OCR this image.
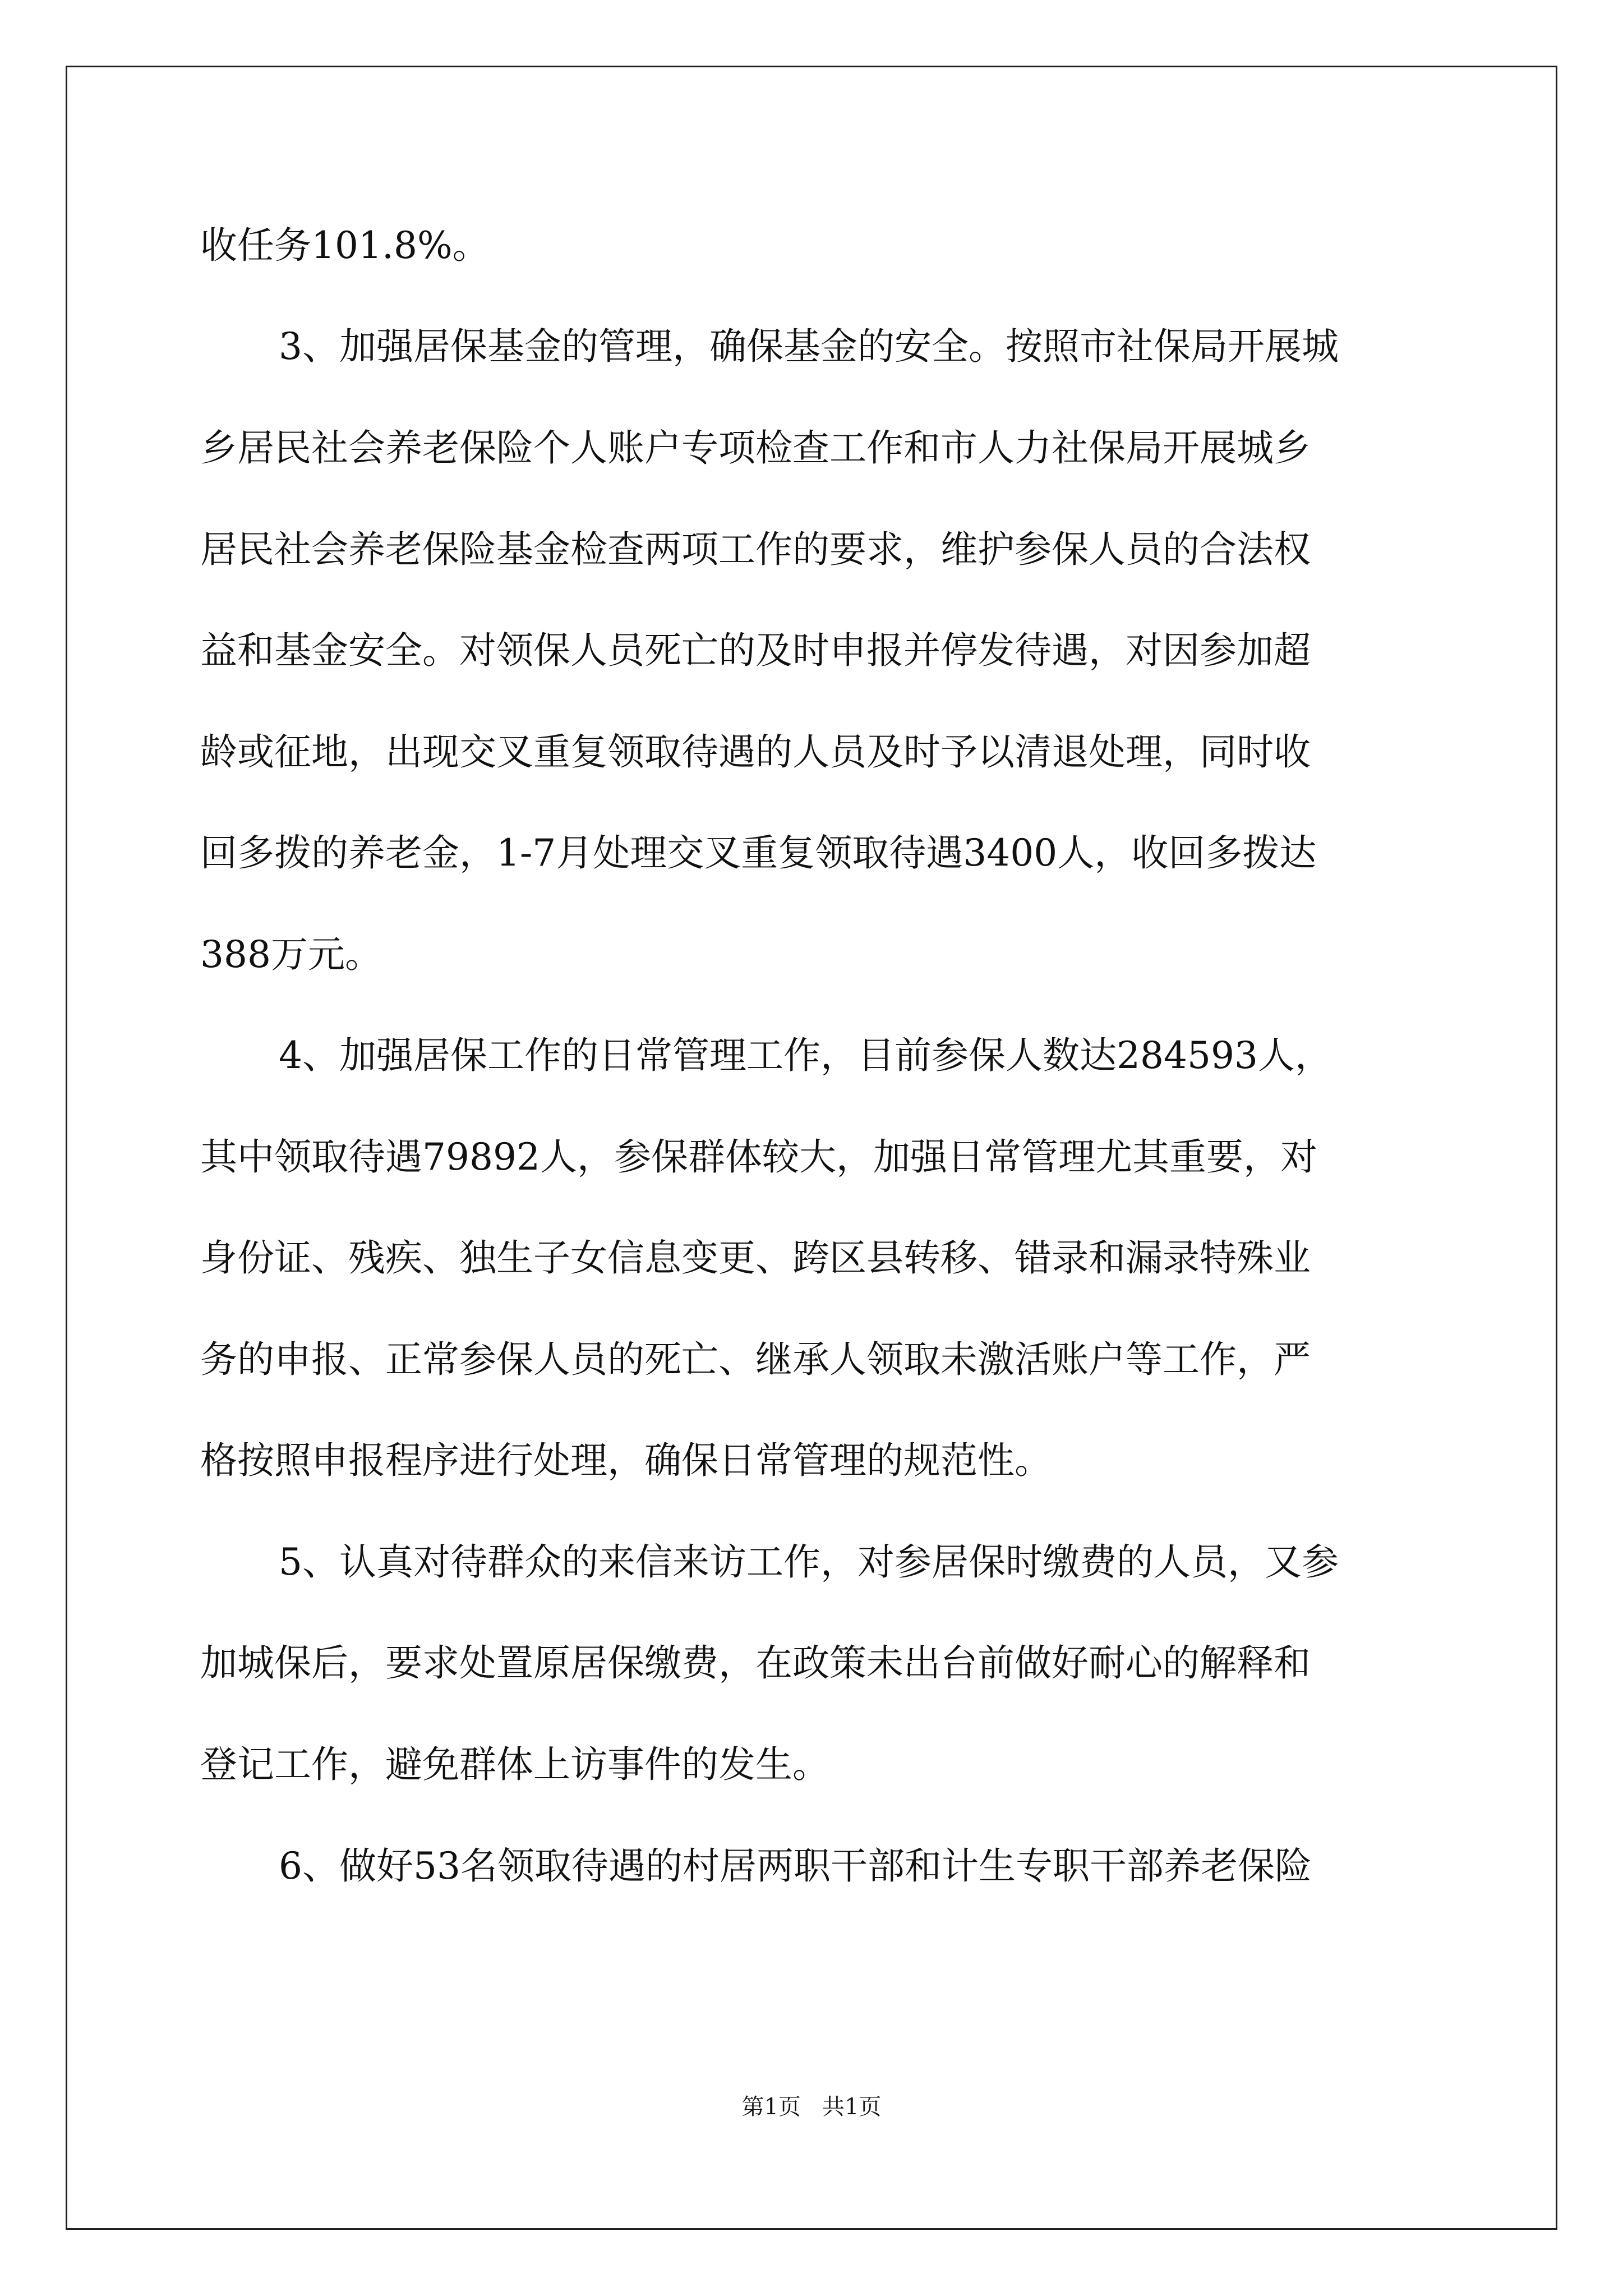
收任务101.8%。

3、加强居保基金的管理，确保基金的安全。按照市社保局开展城

乡居民社会养老保险个人账户专项检查工作和市人力社保局开展城乡

居民社会养老保险基金检查两项工作的要求，维护参保人员的合法权

益和基金安全。对领保人员死亡的及时申报并停发待遇，对因参加超

龄或征地，出现交叉重复领取待遇的人员及时予以清退处理，同时收

回多拨的养老金，1-7月处理交叉重复领取待遇3400人，收回多拨达

388万元。

4、加强居保工作的日常管理工作，目前参保人数达284593人，

其中领取待遇79892人，参保群体较大，加强日常管理尤其重要，对

身份证、残疾、独生子女信息变更、跨区县转移、错录和漏录特殊业

务的申报、正常参保人员的死亡、继承人领取未激活账户等工作，严

格按照申报程序进行处理，确保日常管理的规范性。

5、认真对待群众的来信来访工作，对参居保时缴费的人员，又参

加城保后，要求处置原居保缴费，在政策未出台前做好耐心的解释和

登记工作，避免群体上访事件的发生。

6、做好53名领取待遇的村居两职干部和计生专职干部养老保险

第1页   共1页
